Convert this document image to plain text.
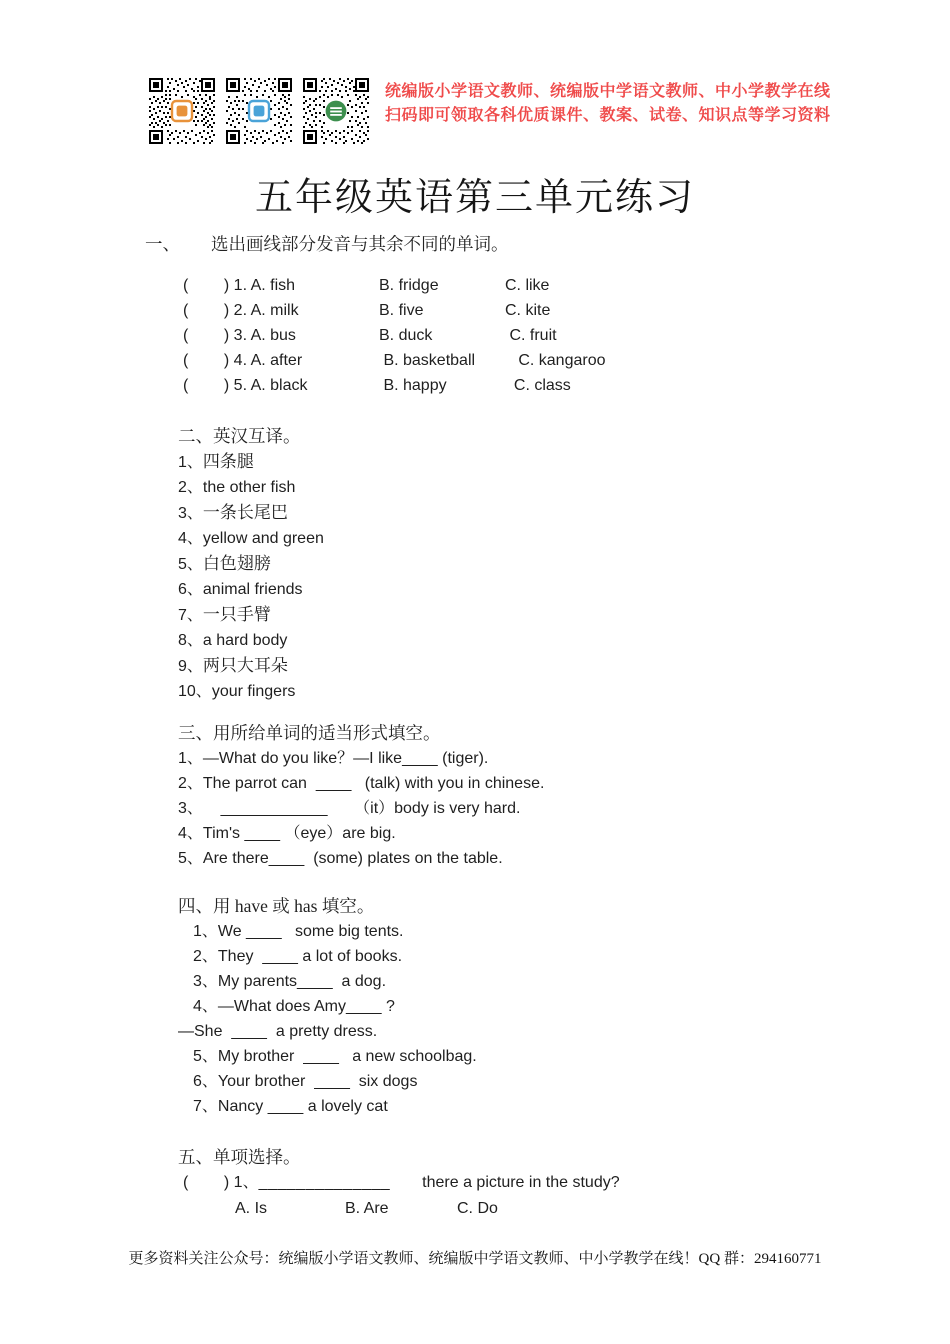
统编版小学语文教师、统编版中学语文教师、中小学教学在线
扫码即可领取各科优质课件、教案、试卷、知识点等学习资料
五年级英语第三单元练习
一、 选出画线部分发音与其余不同的单词。
(        ) 1. A. fish	B. fridge	C. like
(        ) 2. A. milk	B. five	C. kite
(        ) 3. A. bus	B. duck	C. fruit
(        ) 4. A. after	B. basketball	C. kangaroo
(        ) 5. A. black	B. happy	C. class
二、英汉互译。
1、四条腿
2、the other fish
3、一条长尾巴
4、yellow and green
5、白色翅膀
6、animal friends
7、一只手臂
8、a hard body
9、两只大耳朵
10、your fingers
三、用所给单词的适当形式填空。
1、—What do you like？—I like____ (tiger).
2、The parrot can  ____   (talk) with you in chinese.
3、    ____________      （it）body is very hard.
4、Tim's ____ （eye）are big.
5、Are there____  (some) plates on the table.
四、用 have 或 has 填空。
1、We ____   some big tents.
2、They  ____ a lot of books.
3、My parents____  a dog.
4、—What does Amy____ ?
—She  ____  a pretty dress.
5、My brother  ____   a new schoolbag.
6、Your brother  ____  six dogs
7、Nancy ____ a lovely cat
五、单项选择。
(        ) 1、 ______________ there a picture in the study?
A. Is	B. Are	C. Do
更多资料关注公众号：统编版小学语文教师、统编版中学语文教师、中小学教学在线！QQ 群：294160771
